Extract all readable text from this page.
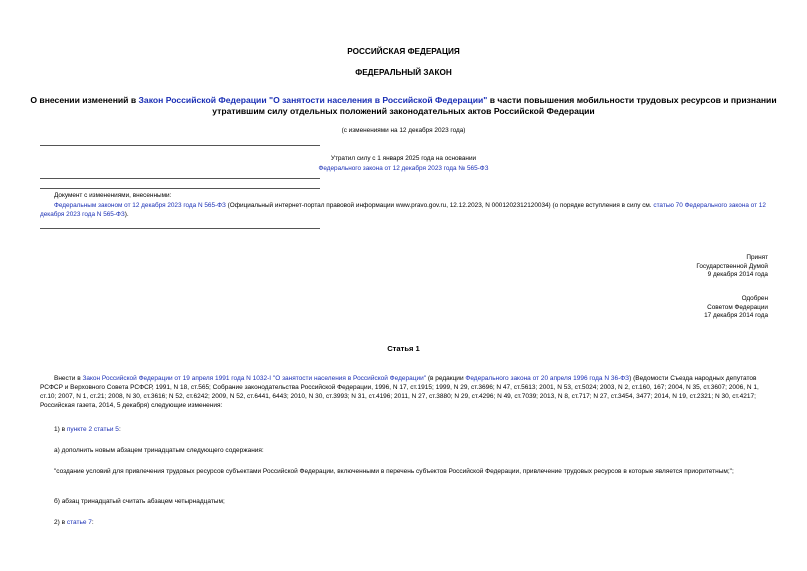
РОССИЙСКАЯ ФЕДЕРАЦИЯ
ФЕДЕРАЛЬНЫЙ ЗАКОН
О внесении изменений в Закон Российской Федерации "О занятости населения в Российской Федерации" в части повышения мобильности трудовых ресурсов и признании утратившим силу отдельных положений законодательных актов Российской Федерации
(с изменениями на 12 декабря 2023 года)
Утратил силу с 1 января 2025 года на основании
Федерального закона от 12 декабря 2023 года № 565-ФЗ
Документ с изменениями, внесенными:
Федеральным законом от 12 декабря 2023 года N 565-ФЗ (Официальный интернет-портал правовой информации www.pravo.gov.ru, 12.12.2023, N 0001202312120034) (о порядке вступления в силу см. статью 70 Федерального закона от 12 декабря 2023 года N 565-ФЗ).
Принят
Государственной Думой
9 декабря 2014 года
Одобрен
Советом Федерации
17 декабря 2014 года
Статья 1
Внести в Закон Российской Федерации от 19 апреля 1991 года N 1032-I "О занятости населения в Российской Федерации" (в редакции Федерального закона от 20 апреля 1996 года N 36-ФЗ) (Ведомости Съезда народных депутатов РСФСР и Верховного Совета РСФСР, 1991, N 18, ст.565; Собрание законодательства Российской Федерации, 1996, N 17, ст.1915; 1999, N 29, ст.3696; N 47, ст.5613; 2001, N 53, ст.5024; 2003, N 2, ст.160, 167; 2004, N 35, ст.3607; 2006, N 1, ст.10; 2007, N 1, ст.21; 2008, N 30, ст.3616; N 52, ст.6242; 2009, N 52, ст.6441, 6443; 2010, N 30, ст.3993; N 31, ст.4196; 2011, N 27, ст.3880; N 29, ст.4296; N 49, ст.7039; 2013, N 8, ст.717; N 27, ст.3454, 3477; 2014, N 19, ст.2321; N 30, ст.4217; Российская газета, 2014, 5 декабря) следующие изменения:
1) в пункте 2 статьи 5:
а) дополнить новым абзацем тринадцатым следующего содержания:
"создание условий для привлечения трудовых ресурсов субъектами Российской Федерации, включенными в перечень субъектов Российской Федерации, привлечение трудовых ресурсов в которые является приоритетным;";
б) абзац тринадцатый считать абзацем четырнадцатым;
2) в статье 7:
